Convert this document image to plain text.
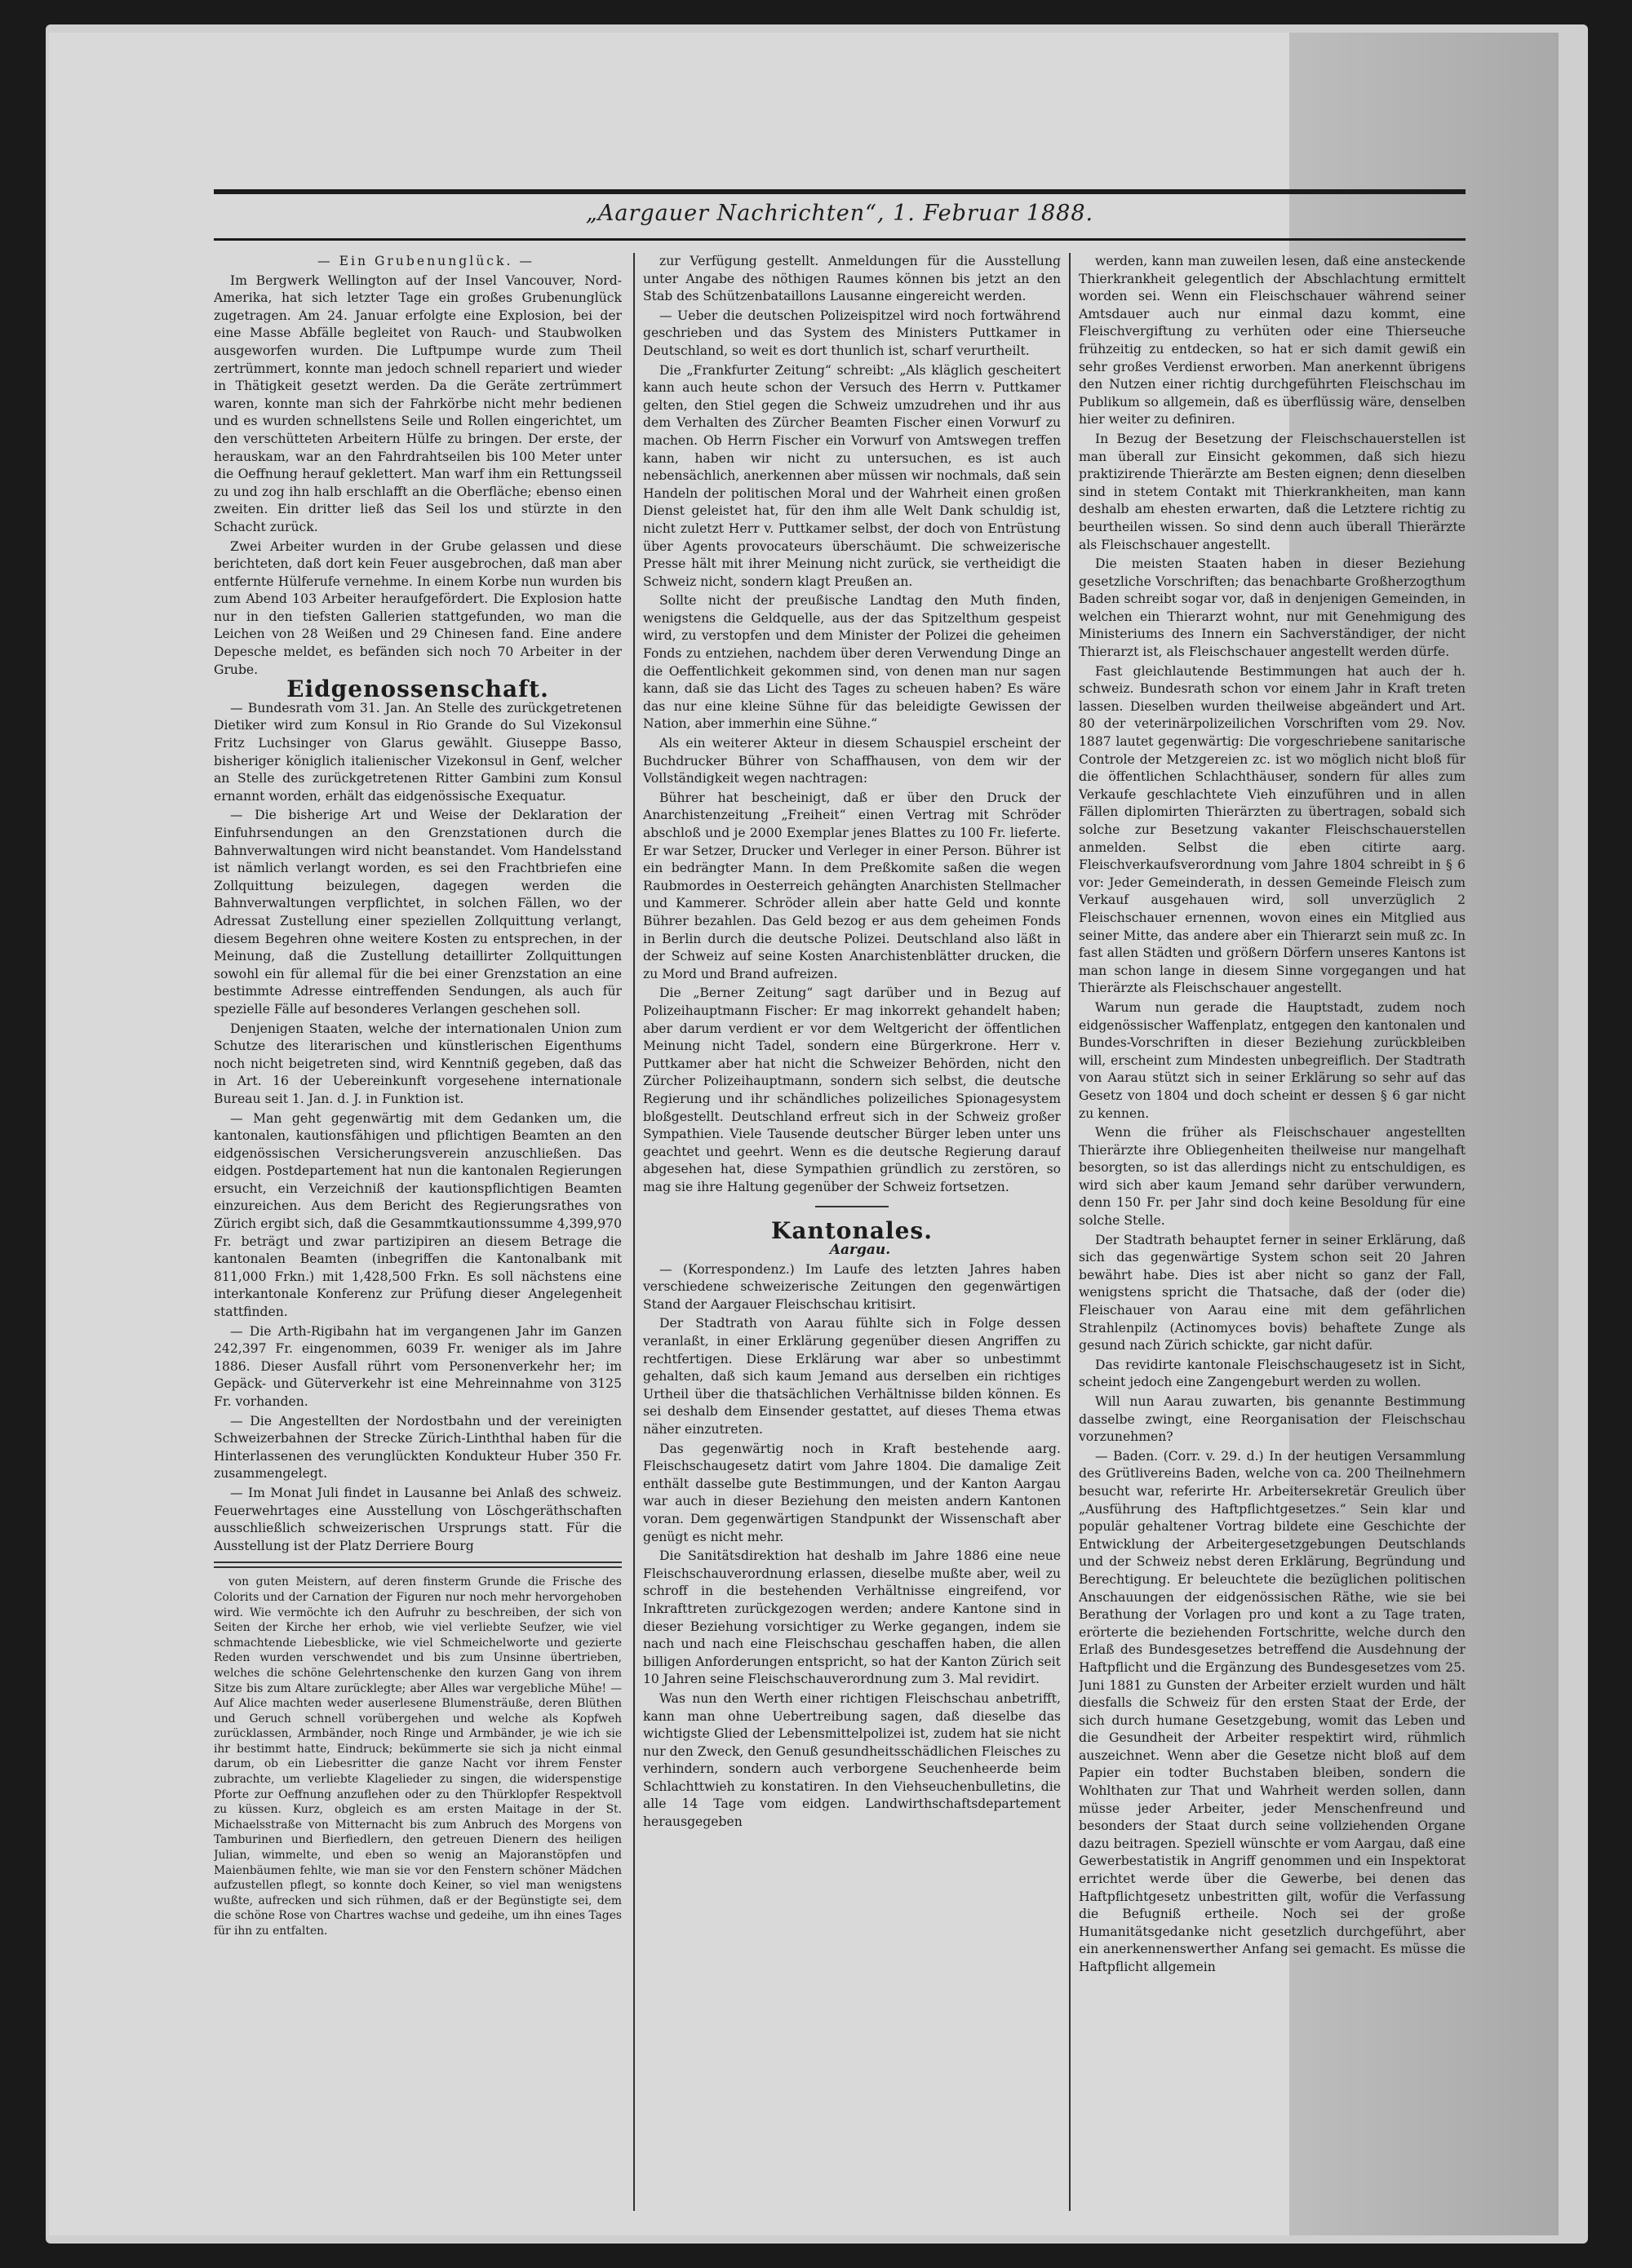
„Aargauer Nachrichten“, 1. Februar 1888.

— Ein Grubenunglück. —

Im Bergwerk Wellington auf der Insel Vancouver, Nord-Amerika, hat sich letzter Tage ein großes Grubenunglück zugetragen. Am 24. Januar erfolgte eine Explosion, bei der eine Masse Abfälle begleitet von Rauch- und Staubwolken ausgeworfen wurden. Die Luftpumpe wurde zum Theil zertrümmert, konnte man jedoch schnell repariert und wieder in Thätigkeit gesetzt werden. Da die Geräte zertrümmert waren, konnte man sich der Fahrkörbe nicht mehr bedienen und es wurden schnellstens Seile und Rollen eingerichtet, um den verschütteten Arbeitern Hülfe zu bringen. Der erste, der herauskam, war an den Fahrdrahtseilen bis 100 Meter unter die Oeffnung herauf geklettert. Man warf ihm ein Rettungsseil zu und zog ihn halb erschlafft an die Oberfläche; ebenso einen zweiten. Ein dritter ließ das Seil los und stürzte in den Schacht zurück.

Zwei Arbeiter wurden in der Grube gelassen und diese berichteten, daß dort kein Feuer ausgebrochen, daß man aber entfernte Hülferufe vernehme. In einem Korbe nun wurden bis zum Abend 103 Arbeiter heraufgefördert. Die Explosion hatte nur in den tiefsten Gallerien stattgefunden, wo man die Leichen von 28 Weißen und 29 Chinesen fand. Eine andere Depesche meldet, es befänden sich noch 70 Arbeiter in der Grube.

Eidgenossenschaft.

— Bundesrath vom 31. Jan. An Stelle des zurückgetretenen Dietiker wird zum Konsul in Rio Grande do Sul Vizekonsul Fritz Luchsinger von Glarus gewählt. Giuseppe Basso, bisheriger königlich italienischer Vizekonsul in Genf, welcher an Stelle des zurückgetretenen Ritter Gambini zum Konsul ernannt worden, erhält das eidgenössische Exequatur.

— Die bisherige Art und Weise der Deklaration der Einfuhrsendungen an den Grenzstationen durch die Bahnverwaltungen wird nicht beanstandet. Vom Handelsstand ist nämlich verlangt worden, es sei den Frachtbriefen eine Zollquittung beizulegen, dagegen werden die Bahnverwaltungen verpflichtet, in solchen Fällen, wo der Adressat Zustellung einer speziellen Zollquittung verlangt, diesem Begehren ohne weitere Kosten zu entsprechen, in der Meinung, daß die Zustellung detaillirter Zollquittungen sowohl ein für allemal für die bei einer Grenzstation an eine bestimmte Adresse eintreffenden Sendungen, als auch für spezielle Fälle auf besonderes Verlangen geschehen soll.

Denjenigen Staaten, welche der internationalen Union zum Schutze des literarischen und künstlerischen Eigenthums noch nicht beigetreten sind, wird Kenntniß gegeben, daß das in Art. 16 der Uebereinkunft vorgesehene internationale Bureau seit 1. Jan. d. J. in Funktion ist.

— Man geht gegenwärtig mit dem Gedanken um, die kantonalen, kautionsfähigen und pflichtigen Beamten an den eidgenössischen Versicherungsverein anzuschließen. Das eidgen. Postdepartement hat nun die kantonalen Regierungen ersucht, ein Verzeichniß der kautionspflichtigen Beamten einzureichen. Aus dem Bericht des Regierungsrathes von Zürich ergibt sich, daß die Gesammtkautionssumme 4,399,970 Fr. beträgt und zwar partizipiren an diesem Betrage die kantonalen Beamten (inbegriffen die Kantonalbank mit 811,000 Frkn.) mit 1,428,500 Frkn. Es soll nächstens eine interkantonale Konferenz zur Prüfung dieser Angelegenheit stattfinden.

— Die Arth-Rigibahn hat im vergangenen Jahr im Ganzen 242,397 Fr. eingenommen, 6039 Fr. weniger als im Jahre 1886. Dieser Ausfall rührt vom Personenverkehr her; im Gepäck- und Güterverkehr ist eine Mehreinnahme von 3125 Fr. vorhanden.

— Die Angestellten der Nordostbahn und der vereinigten Schweizerbahnen der Strecke Zürich-Linththal haben für die Hinterlassenen des verunglückten Kondukteur Huber 350 Fr. zusammengelegt.

— Im Monat Juli findet in Lausanne bei Anlaß des schweiz. Feuerwehrtages eine Ausstellung von Löschgeräthschaften ausschließlich schweizerischen Ursprungs statt. Für die Ausstellung ist der Platz Derriere Bourg

von guten Meistern, auf deren finsterm Grunde die Frische des Colorits und der Carnation der Figuren nur noch mehr hervorgehoben wird. Wie vermöchte ich den Aufruhr zu beschreiben, der sich von Seiten der Kirche her erhob, wie viel verliebte Seufzer, wie viel schmachtende Liebesblicke, wie viel Schmeichelworte und gezierte Reden wurden verschwendet und bis zum Unsinne übertrieben, welches die schöne Gelehrtenschenke den kurzen Gang von ihrem Sitze bis zum Altare zurücklegte; aber Alles war vergebliche Mühe! — Auf Alice machten weder auserlesene Blumensträuße, deren Blüthen und Geruch schnell vorübergehen und welche als Kopfweh zurücklassen, Armbänder, noch Ringe und Armbänder, je wie ich sie ihr bestimmt hatte, Eindruck; bekümmerte sie sich ja nicht einmal darum, ob ein Liebesritter die ganze Nacht vor ihrem Fenster zubrachte, um verliebte Klagelieder zu singen, die widerspenstige Pforte zur Oeffnung anzuflehen oder zu den Thürklopfer Respektvoll zu küssen. Kurz, obgleich es am ersten Maitage in der St. Michaelsstraße von Mitternacht bis zum Anbruch des Morgens von Tamburinen und Bierfiedlern, den getreuen Dienern des heiligen Julian, wimmelte, und eben so wenig an Majoranstöpfen und Maienbäumen fehlte, wie man sie vor den Fenstern schöner Mädchen aufzustellen pflegt, so konnte doch Keiner, so viel man wenigstens wußte, aufrecken und sich rühmen, daß er der Begünstigte sei, dem die schöne Rose von Chartres wachse und gedeihe, um ihn eines Tages für ihn zu entfalten.

zur Verfügung gestellt. Anmeldungen für die Ausstellung unter Angabe des nöthigen Raumes können bis jetzt an den Stab des Schützenbataillons Lausanne eingereicht werden.

— Ueber die deutschen Polizeispitzel wird noch fortwährend geschrieben und das System des Ministers Puttkamer in Deutschland, so weit es dort thunlich ist, scharf verurtheilt.

Die „Frankfurter Zeitung“ schreibt: „Als kläglich gescheitert kann auch heute schon der Versuch des Herrn v. Puttkamer gelten, den Stiel gegen die Schweiz umzudrehen und ihr aus dem Verhalten des Zürcher Beamten Fischer einen Vorwurf zu machen. Ob Herrn Fischer ein Vorwurf von Amtswegen treffen kann, haben wir nicht zu untersuchen, es ist auch nebensächlich, anerkennen aber müssen wir nochmals, daß sein Handeln der politischen Moral und der Wahrheit einen großen Dienst geleistet hat, für den ihm alle Welt Dank schuldig ist, nicht zuletzt Herr v. Puttkamer selbst, der doch von Entrüstung über Agents provocateurs überschäumt. Die schweizerische Presse hält mit ihrer Meinung nicht zurück, sie vertheidigt die Schweiz nicht, sondern klagt Preußen an.

Sollte nicht der preußische Landtag den Muth finden, wenigstens die Geldquelle, aus der das Spitzelthum gespeist wird, zu verstopfen und dem Minister der Polizei die geheimen Fonds zu entziehen, nachdem über deren Verwendung Dinge an die Oeffentlichkeit gekommen sind, von denen man nur sagen kann, daß sie das Licht des Tages zu scheuen haben? Es wäre das nur eine kleine Sühne für das beleidigte Gewissen der Nation, aber immerhin eine Sühne.“

Als ein weiterer Akteur in diesem Schauspiel erscheint der Buchdrucker Bührer von Schaffhausen, von dem wir der Vollständigkeit wegen nachtragen:

Bührer hat bescheinigt, daß er über den Druck der Anarchistenzeitung „Freiheit“ einen Vertrag mit Schröder abschloß und je 2000 Exemplar jenes Blattes zu 100 Fr. lieferte. Er war Setzer, Drucker und Verleger in einer Person. Bührer ist ein bedrängter Mann. In dem Preßkomite saßen die wegen Raubmordes in Oesterreich gehängten Anarchisten Stellmacher und Kammerer. Schröder allein aber hatte Geld und konnte Bührer bezahlen. Das Geld bezog er aus dem geheimen Fonds in Berlin durch die deutsche Polizei. Deutschland also läßt in der Schweiz auf seine Kosten Anarchistenblätter drucken, die zu Mord und Brand aufreizen.

Die „Berner Zeitung“ sagt darüber und in Bezug auf Polizeihauptmann Fischer: Er mag inkorrekt gehandelt haben; aber darum verdient er vor dem Weltgericht der öffentlichen Meinung nicht Tadel, sondern eine Bürgerkrone. Herr v. Puttkamer aber hat nicht die Schweizer Behörden, nicht den Zürcher Polizeihauptmann, sondern sich selbst, die deutsche Regierung und ihr schändliches polizeiliches Spionagesystem bloßgestellt. Deutschland erfreut sich in der Schweiz großer Sympathien. Viele Tausende deutscher Bürger leben unter uns geachtet und geehrt. Wenn es die deutsche Regierung darauf abgesehen hat, diese Sympathien gründlich zu zerstören, so mag sie ihre Haltung gegenüber der Schweiz fortsetzen.

Kantonales.

Aargau.

— (Korrespondenz.) Im Laufe des letzten Jahres haben verschiedene schweizerische Zeitungen den gegenwärtigen Stand der Aargauer Fleischschau kritisirt.

Der Stadtrath von Aarau fühlte sich in Folge dessen veranlaßt, in einer Erklärung gegenüber diesen Angriffen zu rechtfertigen. Diese Erklärung war aber so unbestimmt gehalten, daß sich kaum Jemand aus derselben ein richtiges Urtheil über die thatsächlichen Verhältnisse bilden können. Es sei deshalb dem Einsender gestattet, auf dieses Thema etwas näher einzutreten.

Das gegenwärtig noch in Kraft bestehende aarg. Fleischschaugesetz datirt vom Jahre 1804. Die damalige Zeit enthält dasselbe gute Bestimmungen, und der Kanton Aargau war auch in dieser Beziehung den meisten andern Kantonen voran. Dem gegenwärtigen Standpunkt der Wissenschaft aber genügt es nicht mehr.

Die Sanitätsdirektion hat deshalb im Jahre 1886 eine neue Fleischschauverordnung erlassen, dieselbe mußte aber, weil zu schroff in die bestehenden Verhältnisse eingreifend, vor Inkrafttreten zurückgezogen werden; andere Kantone sind in dieser Beziehung vorsichtiger zu Werke gegangen, indem sie nach und nach eine Fleischschau geschaffen haben, die allen billigen Anforderungen entspricht, so hat der Kanton Zürich seit 10 Jahren seine Fleischschauverordnung zum 3. Mal revidirt.

Was nun den Werth einer richtigen Fleischschau anbetrifft, kann man ohne Uebertreibung sagen, daß dieselbe das wichtigste Glied der Lebensmittelpolizei ist, zudem hat sie nicht nur den Zweck, den Genuß gesundheitsschädlichen Fleisches zu verhindern, sondern auch verborgene Seuchenheerde beim Schlachttwieh zu konstatiren. In den Viehseuchenbulletins, die alle 14 Tage vom eidgen. Landwirthschaftsdepartement herausgegeben

werden, kann man zuweilen lesen, daß eine ansteckende Thierkrankheit gelegentlich der Abschlachtung ermittelt worden sei. Wenn ein Fleischschauer während seiner Amtsdauer auch nur einmal dazu kommt, eine Fleischvergiftung zu verhüten oder eine Thierseuche frühzeitig zu entdecken, so hat er sich damit gewiß ein sehr großes Verdienst erworben. Man anerkennt übrigens den Nutzen einer richtig durchgeführten Fleischschau im Publikum so allgemein, daß es überflüssig wäre, denselben hier weiter zu definiren.

In Bezug der Besetzung der Fleischschauerstellen ist man überall zur Einsicht gekommen, daß sich hiezu praktizirende Thierärzte am Besten eignen; denn dieselben sind in stetem Contakt mit Thierkrankheiten, man kann deshalb am ehesten erwarten, daß die Letztere richtig zu beurtheilen wissen. So sind denn auch überall Thierärzte als Fleischschauer angestellt.

Die meisten Staaten haben in dieser Beziehung gesetzliche Vorschriften; das benachbarte Großherzogthum Baden schreibt sogar vor, daß in denjenigen Gemeinden, in welchen ein Thierarzt wohnt, nur mit Genehmigung des Ministeriums des Innern ein Sachverständiger, der nicht Thierarzt ist, als Fleischschauer angestellt werden dürfe.

Fast gleichlautende Bestimmungen hat auch der h. schweiz. Bundesrath schon vor einem Jahr in Kraft treten lassen. Dieselben wurden theilweise abgeändert und Art. 80 der veterinärpolizeilichen Vorschriften vom 29. Nov. 1887 lautet gegenwärtig: Die vorgeschriebene sanitarische Controle der Metzgereien zc. ist wo möglich nicht bloß für die öffentlichen Schlachthäuser, sondern für alles zum Verkaufe geschlachtete Vieh einzuführen und in allen Fällen diplomirten Thierärzten zu übertragen, sobald sich solche zur Besetzung vakanter Fleischschauerstellen anmelden. Selbst die eben citirte aarg. Fleischverkaufsverordnung vom Jahre 1804 schreibt in § 6 vor: Jeder Gemeinderath, in dessen Gemeinde Fleisch zum Verkauf ausgehauen wird, soll unverzüglich 2 Fleischschauer ernennen, wovon eines ein Mitglied aus seiner Mitte, das andere aber ein Thierarzt sein muß zc. In fast allen Städten und größern Dörfern unseres Kantons ist man schon lange in diesem Sinne vorgegangen und hat Thierärzte als Fleischschauer angestellt.

Warum nun gerade die Hauptstadt, zudem noch eidgenössischer Waffenplatz, entgegen den kantonalen und Bundes-Vorschriften in dieser Beziehung zurückbleiben will, erscheint zum Mindesten unbegreiflich. Der Stadtrath von Aarau stützt sich in seiner Erklärung so sehr auf das Gesetz von 1804 und doch scheint er dessen § 6 gar nicht zu kennen.

Wenn die früher als Fleischschauer angestellten Thierärzte ihre Obliegenheiten theilweise nur mangelhaft besorgten, so ist das allerdings nicht zu entschuldigen, es wird sich aber kaum Jemand sehr darüber verwundern, denn 150 Fr. per Jahr sind doch keine Besoldung für eine solche Stelle.

Der Stadtrath behauptet ferner in seiner Erklärung, daß sich das gegenwärtige System schon seit 20 Jahren bewährt habe. Dies ist aber nicht so ganz der Fall, wenigstens spricht die Thatsache, daß der (oder die) Fleischauer von Aarau eine mit dem gefährlichen Strahlenpilz (Actinomyces bovis) behaftete Zunge als gesund nach Zürich schickte, gar nicht dafür.

Das revidirte kantonale Fleischschaugesetz ist in Sicht, scheint jedoch eine Zangengeburt werden zu wollen.

Will nun Aarau zuwarten, bis genannte Bestimmung dasselbe zwingt, eine Reorganisation der Fleischschau vorzunehmen?

— Baden. (Corr. v. 29. d.) In der heutigen Versammlung des Grütlivereins Baden, welche von ca. 200 Theilnehmern besucht war, referirte Hr. Arbeitersekretär Greulich über „Ausführung des Haftpflichtgesetzes.“ Sein klar und populär gehaltener Vortrag bildete eine Geschichte der Entwicklung der Arbeitergesetzgebungen Deutschlands und der Schweiz nebst deren Erklärung, Begründung und Berechtigung. Er beleuchtete die bezüglichen politischen Anschauungen der eidgenössischen Räthe, wie sie bei Berathung der Vorlagen pro und kont a zu Tage traten, erörterte die beziehenden Fortschritte, welche durch den Erlaß des Bundesgesetzes betreffend die Ausdehnung der Haftpflicht und die Ergänzung des Bundesgesetzes vom 25. Juni 1881 zu Gunsten der Arbeiter erzielt wurden und hält diesfalls die Schweiz für den ersten Staat der Erde, der sich durch humane Gesetzgebung, womit das Leben und die Gesundheit der Arbeiter respektirt wird, rühmlich auszeichnet. Wenn aber die Gesetze nicht bloß auf dem Papier ein todter Buchstaben bleiben, sondern die Wohlthaten zur That und Wahrheit werden sollen, dann müsse jeder Arbeiter, jeder Menschenfreund und besonders der Staat durch seine vollziehenden Organe dazu beitragen. Speziell wünschte er vom Aargau, daß eine Gewerbestatistik in Angriff genommen und ein Inspektorat errichtet werde über die Gewerbe, bei denen das Haftpflichtgesetz unbestritten gilt, wofür die Verfassung die Befugniß ertheile. Noch sei der große Humanitätsgedanke nicht gesetzlich durchgeführt, aber ein anerkennenswerther Anfang sei gemacht. Es müsse die Haftpflicht allgemein
